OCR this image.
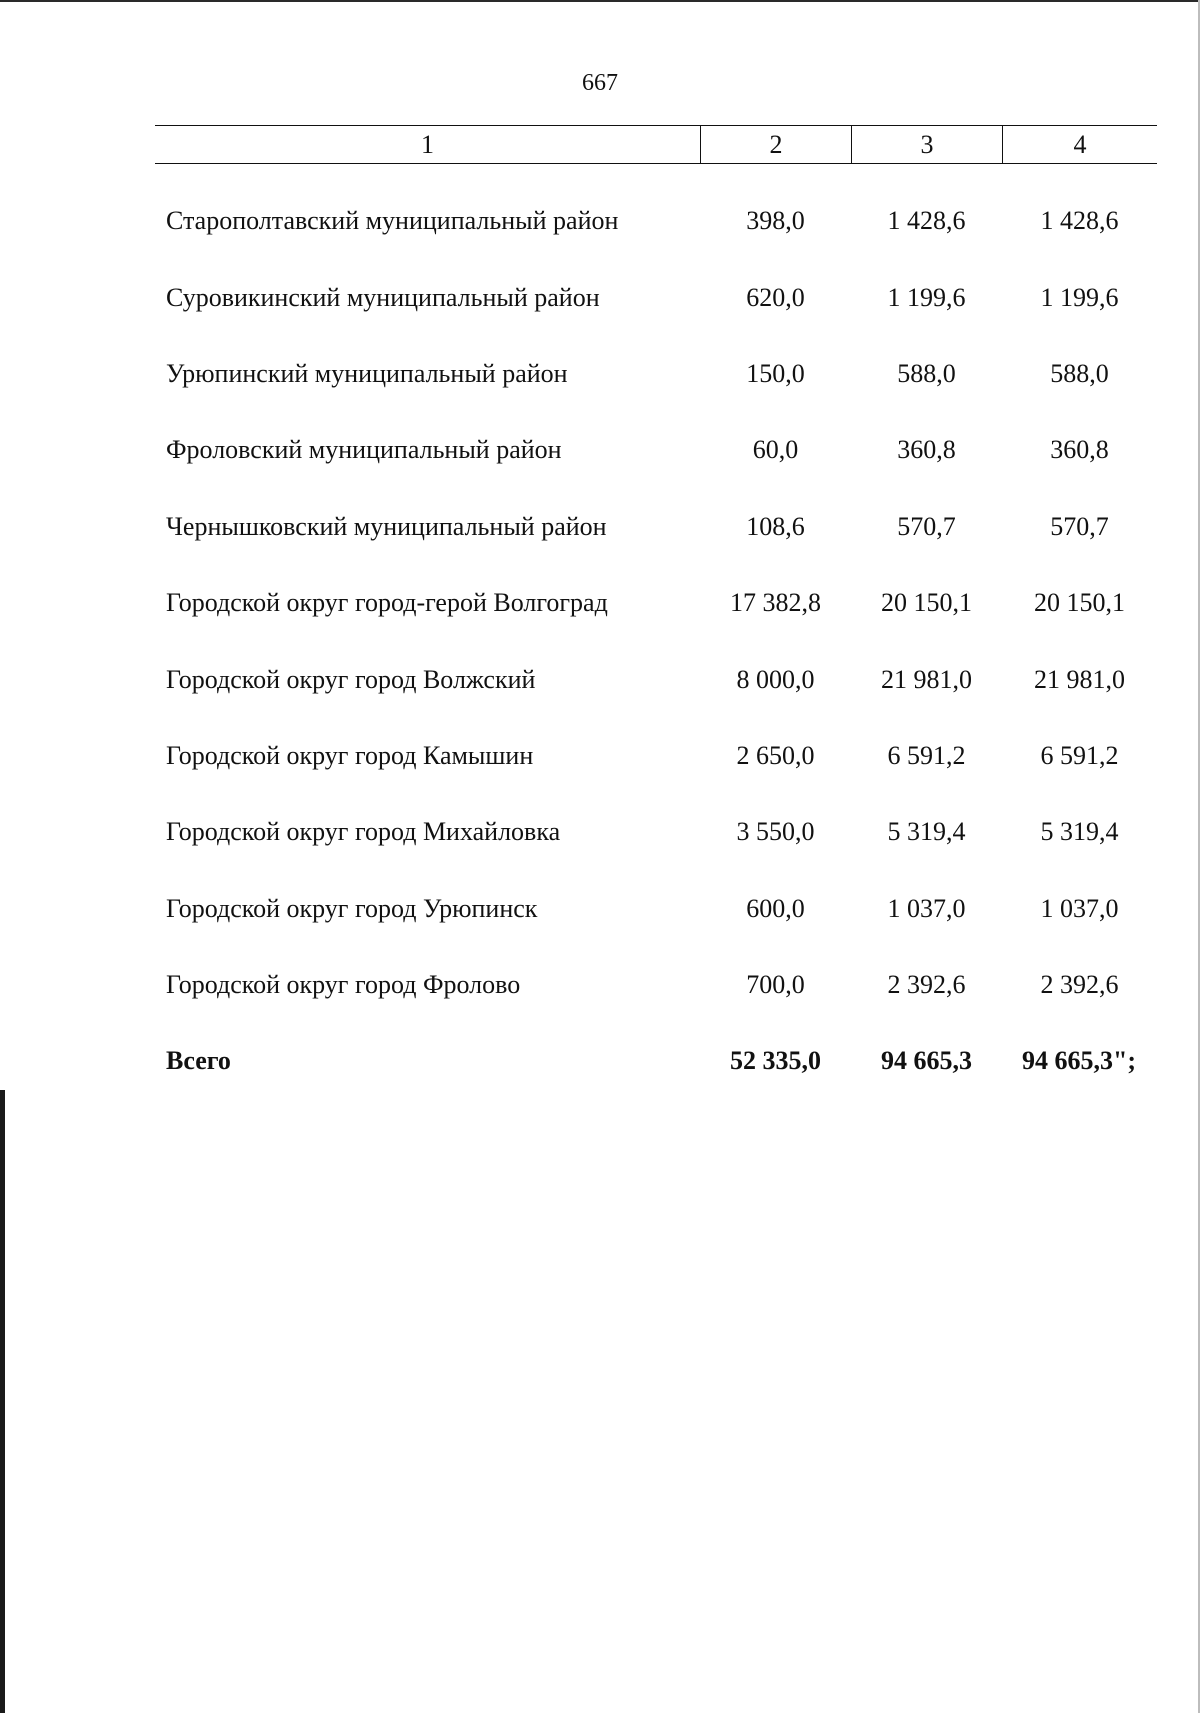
667
1	2	3	4
Старополтавский муниципальный район	398,0	1 428,6	1 428,6
Суровикинский муниципальный район	620,0	1 199,6	1 199,6
Урюпинский муниципальный район	150,0	588,0	588,0
Фроловский муниципальный район	60,0	360,8	360,8
Чернышковский муниципальный район	108,6	570,7	570,7
Городской округ город-герой Волгоград	17 382,8	20 150,1	20 150,1
Городской округ город Волжский	8 000,0	21 981,0	21 981,0
Городской округ город Камышин	2 650,0	6 591,2	6 591,2
Городской округ город Михайловка	3 550,0	5 319,4	5 319,4
Городской округ город Урюпинск	600,0	1 037,0	1 037,0
Городской округ город Фролово	700,0	2 392,6	2 392,6
Всего	52 335,0	94 665,3	94 665,3";
